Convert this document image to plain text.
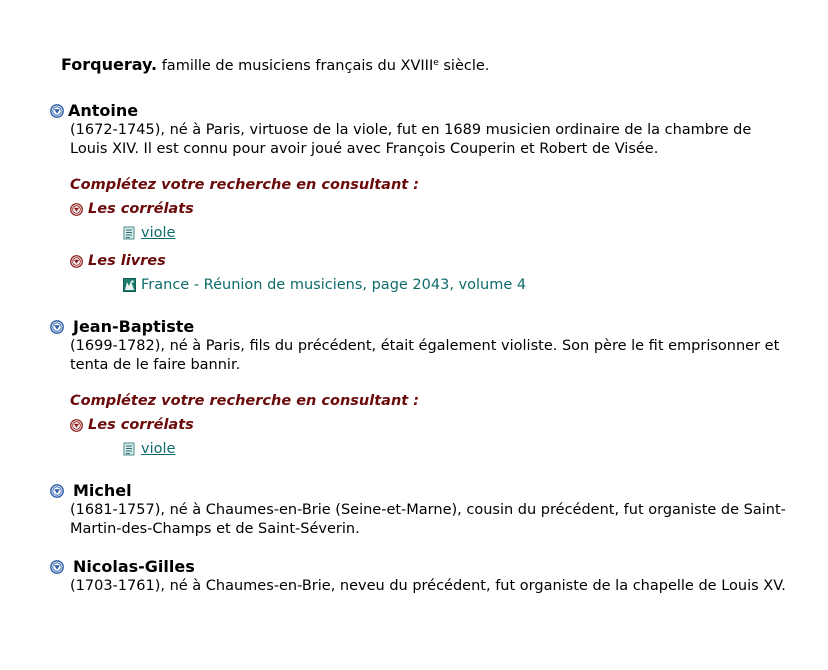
Forqueray. famille de musiciens français du XVIIIe siècle.
Antoine
(1672-1745), né à Paris, virtuose de la viole, fut en 1689 musicien ordinaire de la chambre de Louis XIV. Il est connu pour avoir joué avec François Couperin et Robert de Visée.
Complétez votre recherche en consultant :
Les corrélats
viole
Les livres
France - Réunion de musiciens, page 2043, volume 4
Jean-Baptiste
(1699-1782), né à Paris, fils du précédent, était également violiste. Son père le fit emprisonner et tenta de le faire bannir.
Complétez votre recherche en consultant :
Les corrélats
viole
Michel
(1681-1757), né à Chaumes-en-Brie (Seine-et-Marne), cousin du précédent, fut organiste de Saint-Martin-des-Champs et de Saint-Séverin.
Nicolas-Gilles
(1703-1761), né à Chaumes-en-Brie, neveu du précédent, fut organiste de la chapelle de Louis XV.
